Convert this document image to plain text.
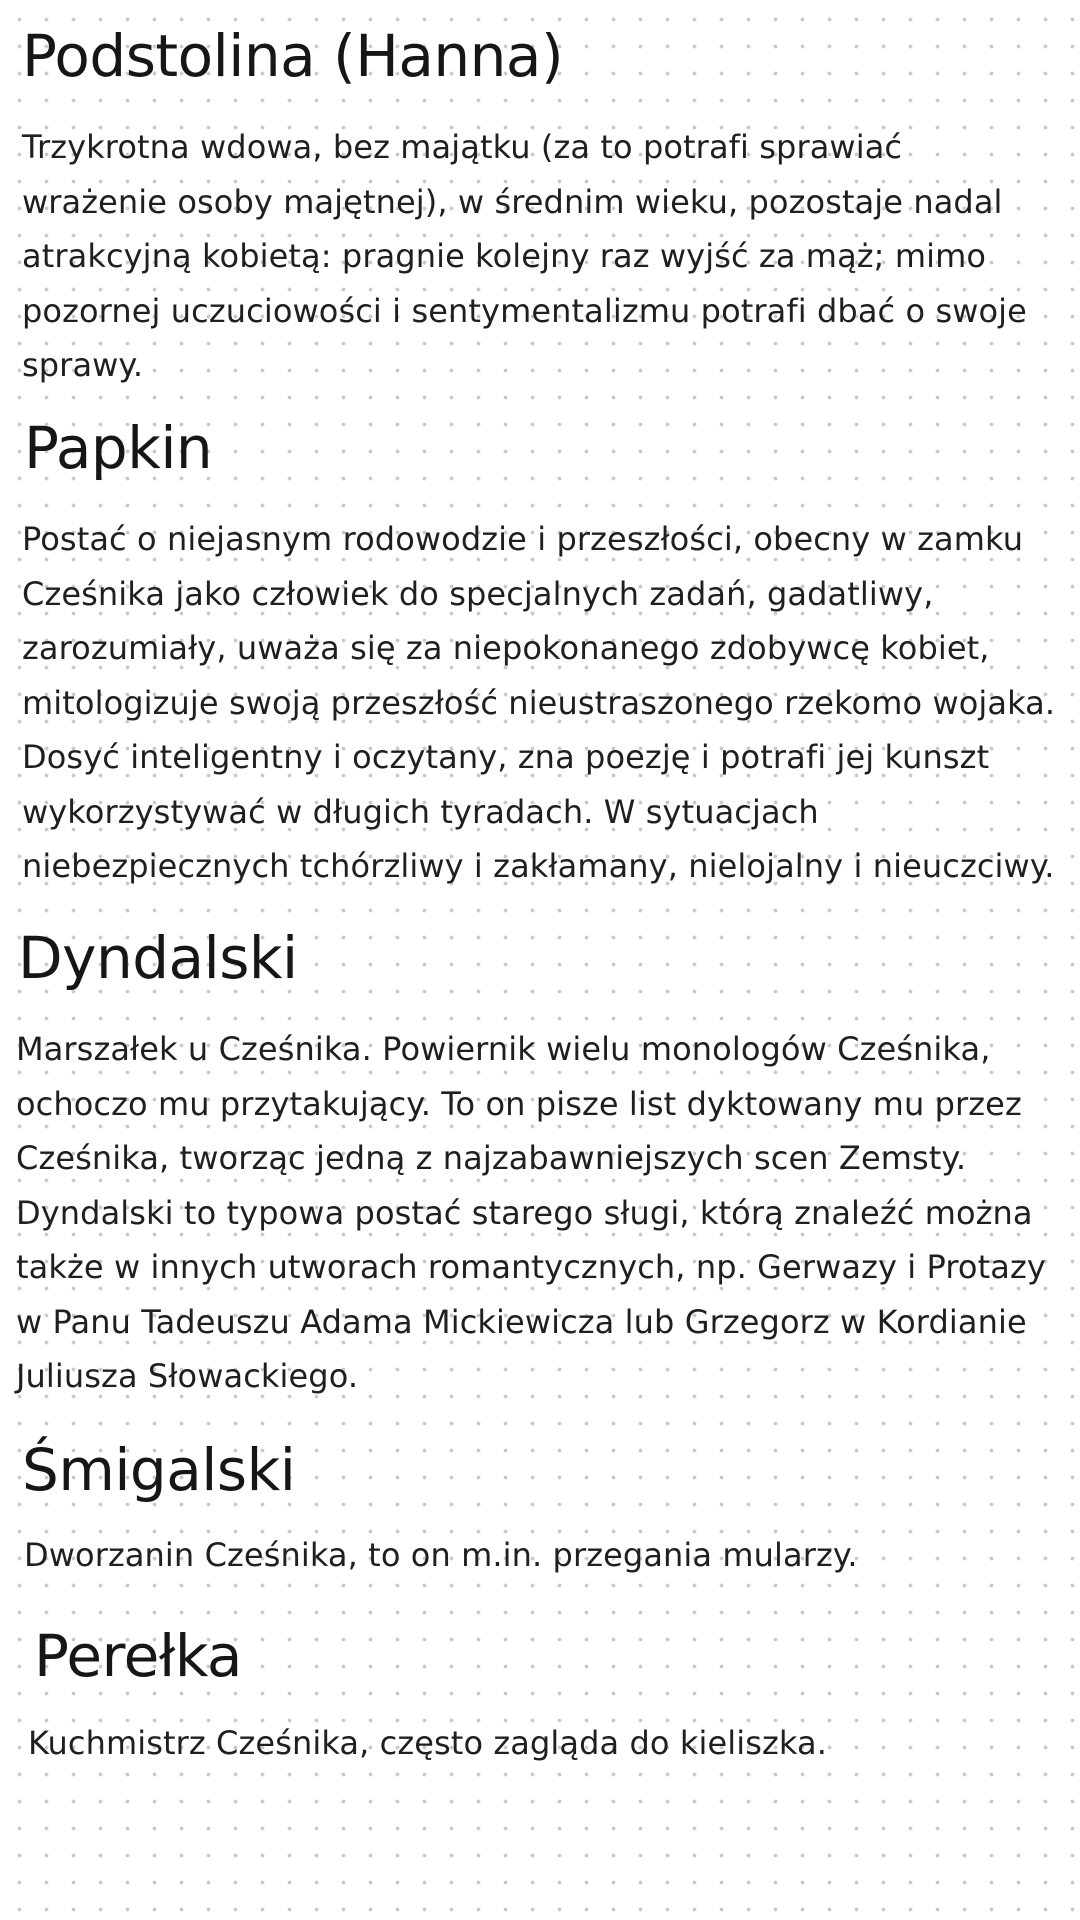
Podstolina (Hanna)

Trzykrotna wdowa, bez majątku (za to potrafi sprawiać wrażenie osoby majętnej), w średnim wieku, pozostaje nadal atrakcyjną kobietą: pragnie kolejny raz wyjść za mąż; mimo pozornej uczuciowości i sentymentalizmu potrafi dbać o swoje sprawy.

Papkin

Postać o niejasnym rodowodzie i przeszłości, obecny w zamku Cześnika jako człowiek do specjalnych zadań, gadatliwy, zarozumiały, uważa się za niepokonanego zdobywcę kobiet, mitologizuje swoją przeszłość nieustraszonego rzekomo wojaka. Dosyć inteligentny i oczytany, zna poezję i potrafi jej kunszt wykorzystywać w długich tyradach. W sytuacjach niebezpiecznych tchórzliwy i zakłamany, nielojalny i nieuczciwy.

Dyndalski

Marszałek u Cześnika. Powiernik wielu monologów Cześnika, ochoczo mu przytakujący. To on pisze list dyktowany mu przez Cześnika, tworząc jedną z najzabawniejszych scen Zemsty. Dyndalski to typowa postać starego sługi, którą znaleźć można także w innych utworach romantycznych, np. Gerwazy i Protazy w Panu Tadeuszu Adama Mickiewicza lub Grzegorz w Kordianie Juliusza Słowackiego.

Śmigalski

Dworzanin Cześnika, to on m.in. przegania mularzy.

Perełka

Kuchmistrz Cześnika, często zagląda do kieliszka.
